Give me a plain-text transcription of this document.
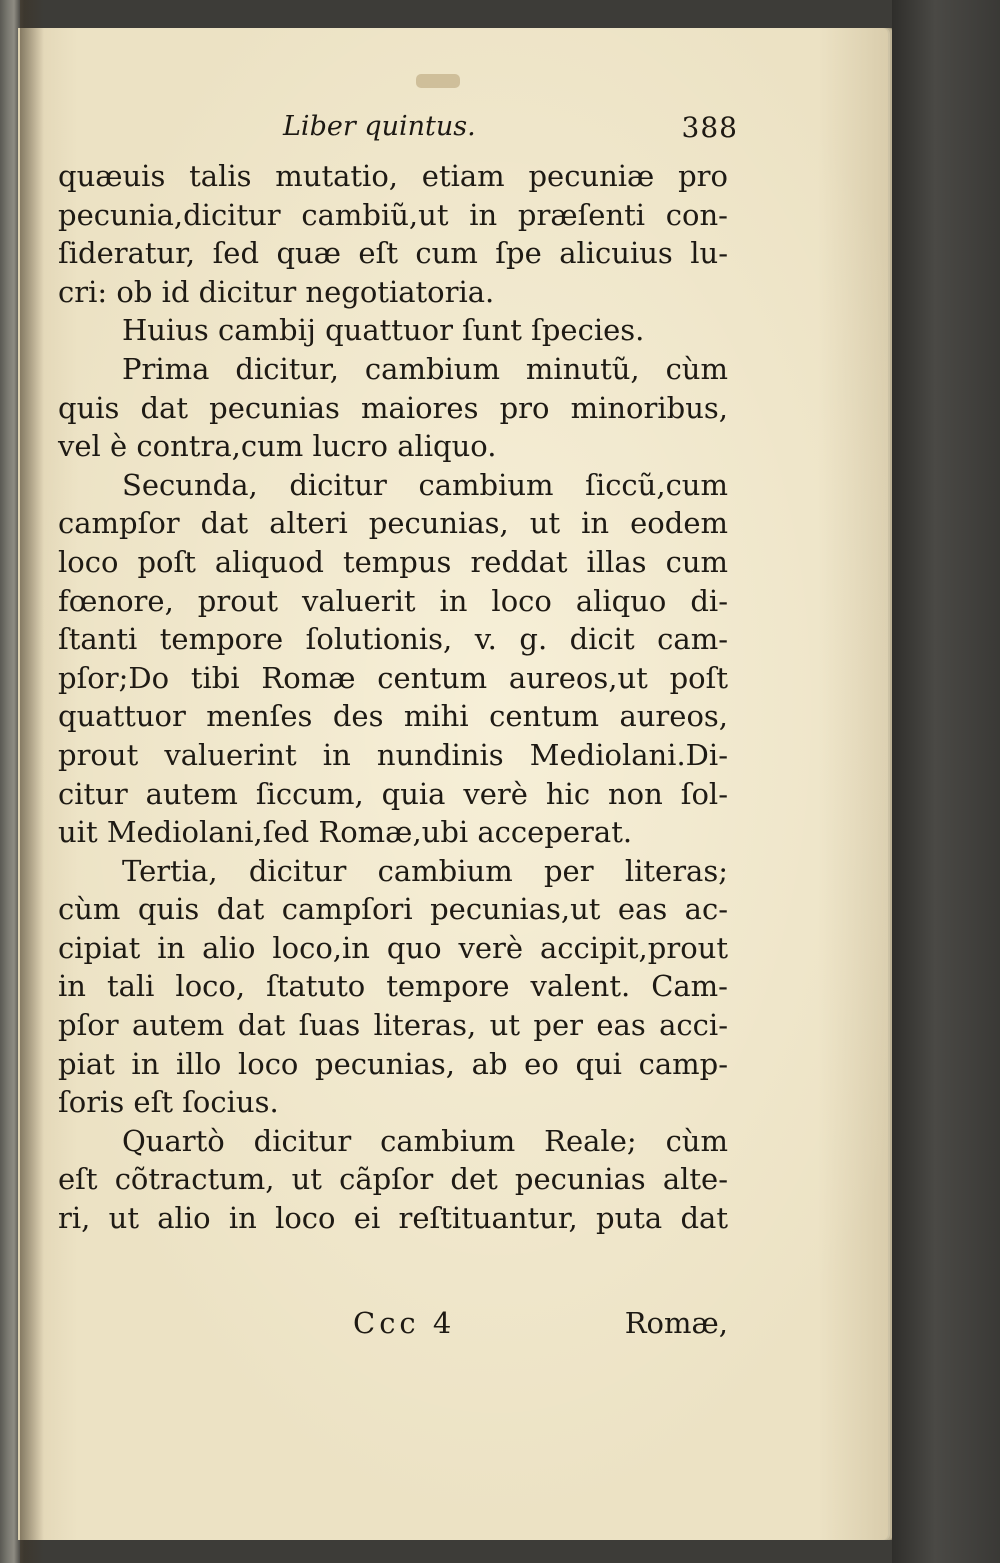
Liber quintus.	388
quæuis talis mutatio, etiam pecuniæ pro
pecunia,dicitur cambiũ,ut in præſenti con-
ſideratur, ſed quæ eſt cum ſpe alicuius lu-
cri: ob id dicitur negotiatoria.
Huius cambij quattuor ſunt ſpecies.
Prima dicitur, cambium minutũ, cùm
quis dat pecunias maiores pro minoribus,
vel è contra,cum lucro aliquo.
Secunda, dicitur cambium ſiccũ,cum
campſor dat alteri pecunias, ut in eodem
loco poſt aliquod tempus reddat illas cum
fœnore, prout valuerit in loco aliquo di-
ſtanti tempore ſolutionis, v. g. dicit cam-
pſor;Do tibi Romæ centum aureos,ut poſt
quattuor menſes des mihi centum aureos,
prout valuerint in nundinis Mediolani.Di-
citur autem ſiccum, quia verè hic non ſol-
uit Mediolani,ſed Romæ,ubi acceperat.
Tertia, dicitur cambium per literas;
cùm quis dat campſori pecunias,ut eas ac-
cipiat in alio loco,in quo verè accipit,prout
in tali loco, ſtatuto tempore valent. Cam-
pſor autem dat ſuas literas, ut per eas acci-
piat in illo loco pecunias, ab eo qui camp-
ſoris eſt ſocius.
Quartò dicitur cambium Reale; cùm
eſt cõtractum, ut cãpſor det pecunias alte-
ri, ut alio in loco ei reſtituantur, puta dat
Ccc 4	Romæ,
